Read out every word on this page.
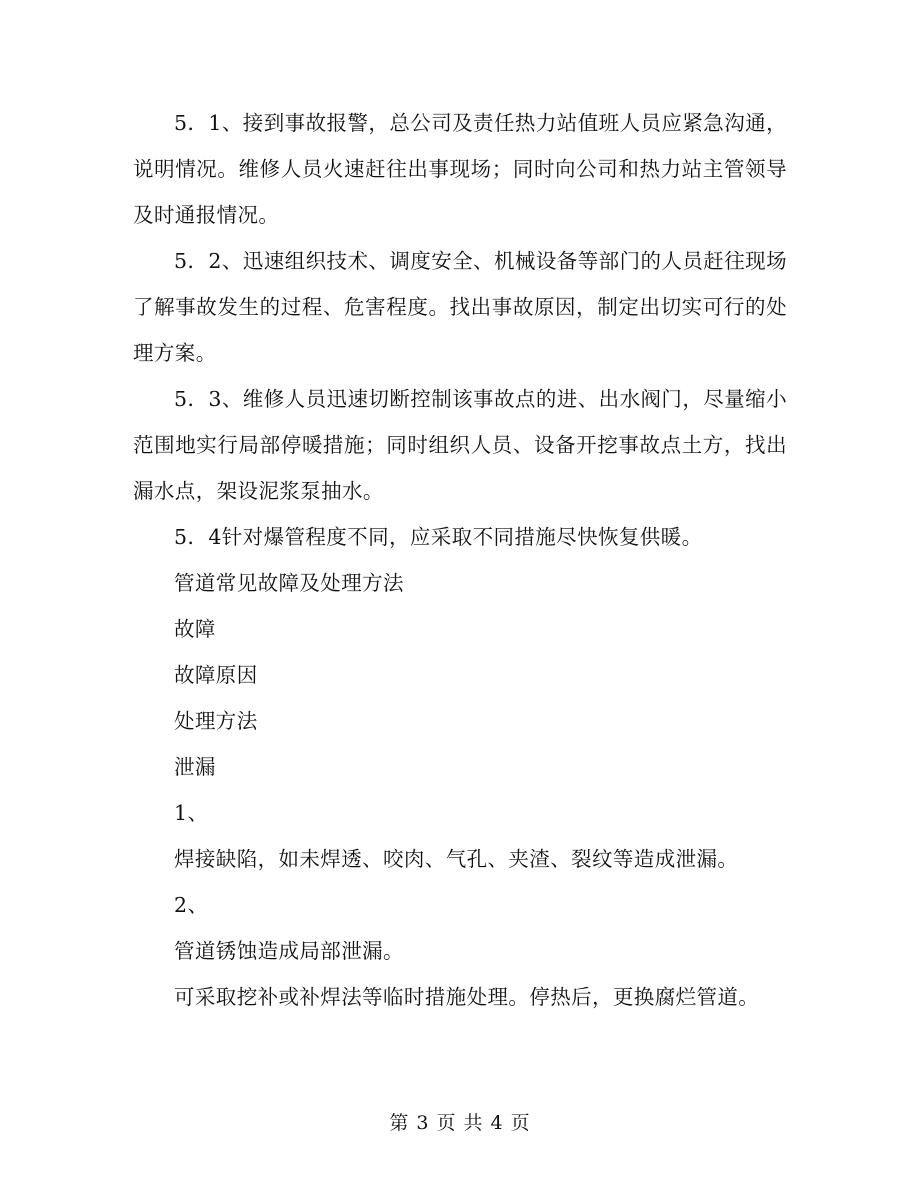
5．1、接到事故报警，总公司及责任热力站值班人员应紧急沟通，说明情况。维修人员火速赶往出事现场；同时向公司和热力站主管领导及时通报情况。

5．2、迅速组织技术、调度安全、机械设备等部门的人员赶往现场了解事故发生的过程、危害程度。找出事故原因，制定出切实可行的处理方案。

5．3、维修人员迅速切断控制该事故点的进、出水阀门，尽量缩小范围地实行局部停暖措施；同时组织人员、设备开挖事故点土方，找出漏水点，架设泥浆泵抽水。

5．4针对爆管程度不同，应采取不同措施尽快恢复供暖。

管道常见故障及处理方法

故障

故障原因

处理方法

泄漏

1、

焊接缺陷，如未焊透、咬肉、气孔、夹渣、裂纹等造成泄漏。

2、

管道锈蚀造成局部泄漏。

可采取挖补或补焊法等临时措施处理。停热后，更换腐烂管道。

第 3 页 共 4 页
